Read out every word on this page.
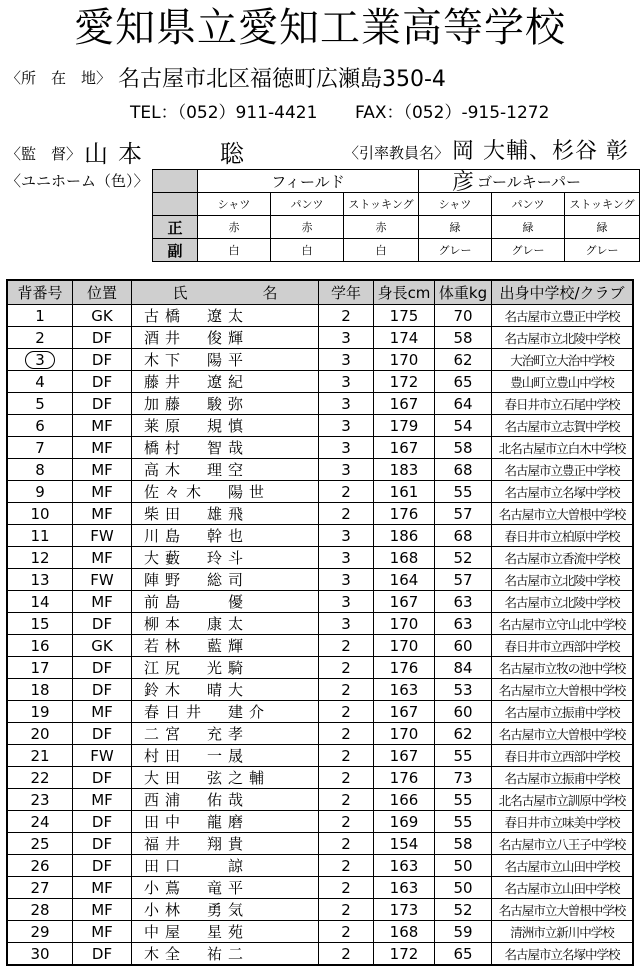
愛知県立愛知工業高等学校
〈所　在　地〉 名古屋市北区福徳町広瀬島350-4
TEL：（052）911-4421 FAX：（052）-915-1272
〈監　督〉 山本　　聡	〈引率教員名〉 岡 大輔、杉谷 彰彦
〈ユニホーム（色）〉
		フィールド			ゴールキーパー		
	シャツ	パンツ	ストッキング	シャツ	パンツ	ストッキング
正	赤	赤	赤	緑	緑	緑
副	白	白	白	グレー	グレー	グレー
背番号	位置	氏　　　　　名	学年	身長cm	体重kg	出身中学校/クラブ
1	GK	古橋　遼太	2	175	70	名古屋市立豊正中学校
2	DF	酒井　俊輝	3	174	58	名古屋市立北陵中学校
3	DF	木下　陽平	3	170	62	大治町立大治中学校
4	DF	藤井　遼紀	3	172	65	豊山町立豊山中学校
5	DF	加藤　駿弥	3	167	64	春日井市立石尾中学校
6	MF	莱原　規慎	3	179	54	名古屋市立志賀中学校
7	MF	橋村　智哉	3	167	58	北名古屋市立白木中学校
8	MF	高木　理空	3	183	68	名古屋市立豊正中学校
9	MF	佐々木　陽世	2	161	55	名古屋市立名塚中学校
10	MF	柴田　雄飛	2	176	57	名古屋市立大曽根中学校
11	FW	川島　幹也	3	186	68	春日井市立柏原中学校
12	MF	大藪　玲斗	3	168	52	名古屋市立香流中学校
13	FW	陣野　総司	3	164	57	名古屋市立北陵中学校
14	MF	前島　　優	3	167	63	名古屋市立北陵中学校
15	DF	柳本　康太	3	170	63	名古屋市立守山北中学校
16	GK	若林　藍輝	2	170	60	春日井市立西部中学校
17	DF	江尻　光騎	2	176	84	名古屋市立牧の池中学校
18	DF	鈴木　晴大	2	163	53	名古屋市立大曽根中学校
19	MF	春日井　建介	2	167	60	名古屋市立振甫中学校
20	DF	二宮　充孝	2	170	62	名古屋市立大曽根中学校
21	FW	村田　一晟	2	167	55	春日井市立西部中学校
22	DF	大田　弦之輔	2	176	73	名古屋市立振甫中学校
23	MF	西浦　佑哉	2	166	55	北名古屋市立訓原中学校
24	DF	田中　龍磨	2	169	55	春日井市立味美中学校
25	DF	福井　翔貴	2	154	58	名古屋市立八王子中学校
26	DF	田口　　諒	2	163	50	名古屋市立山田中学校
27	MF	小蔦　竜平	2	163	50	名古屋市立山田中学校
28	MF	小林　勇気	2	173	52	名古屋市立大曽根中学校
29	MF	中屋　星苑	2	168	59	清洲市立新川中学校
30	DF	木全　祐二	2	172	65	名古屋市立名塚中学校
